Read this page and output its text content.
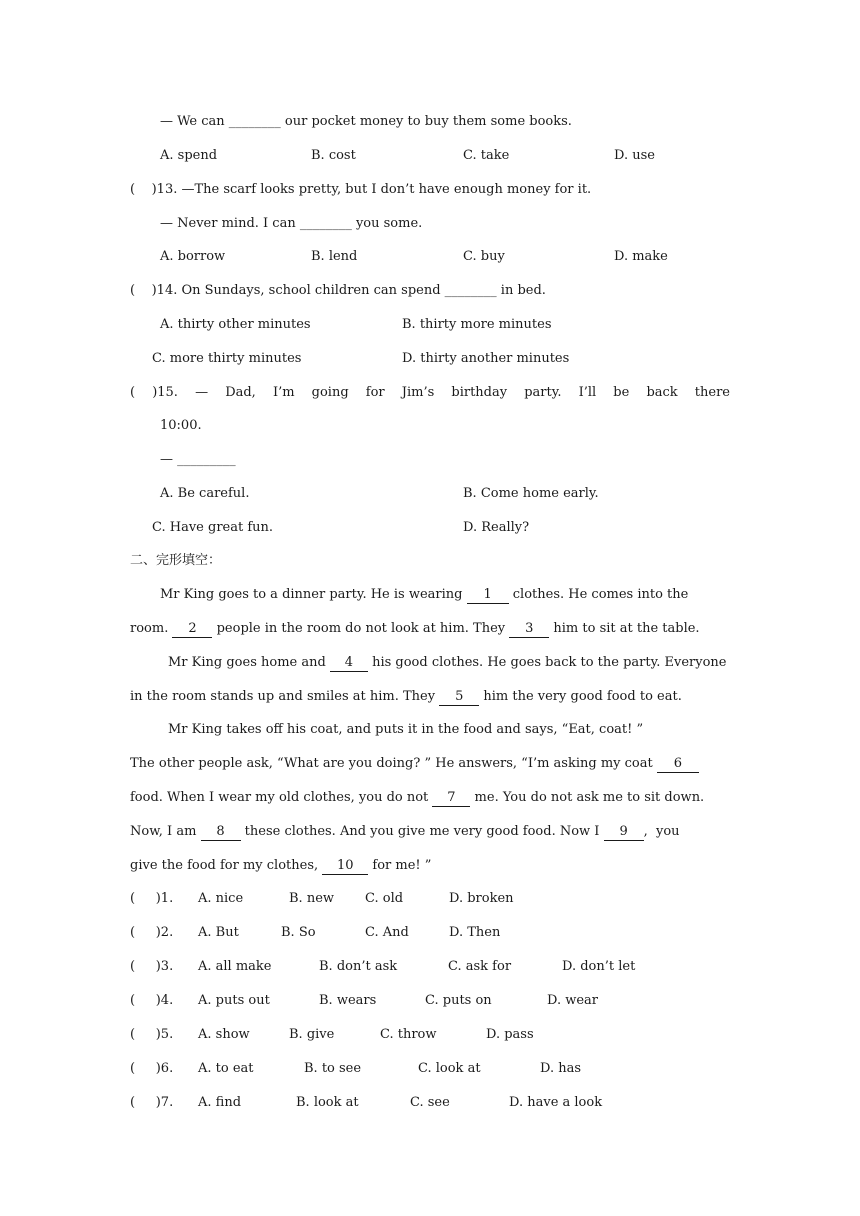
— We can ________ our pocket money to buy them some books.
A. spend	B. cost	C. take	D. use
(    )13. —The scarf looks pretty, but I don’t have enough money for it.
— Never mind. I can ________ you some.
A. borrow	B. lend	C. buy	D. make
(    )14. On Sundays, school children can spend ________ in bed.
A. thirty other minutes	B. thirty more minutes
C. more thirty minutes	D. thirty another minutes
( )15. — Dad, I’m going for Jim’s birthday party. I’ll be back there
10:00.
— _________
A. Be careful.	B. Come home early.
C. Have great fun.	D. Really?
二、完形填空：
Mr King goes to a dinner party. He is wearing 1 clothes. He comes into the
room. 2 people in the room do not look at him. They 3 him to sit at the table.
Mr King goes home and 4 his good clothes. He goes back to the party. Everyone
in the room stands up and smiles at him. They 5 him the very good food to eat.
Mr King takes off his coat, and puts it in the food and says, “Eat, coat! ”
The other people ask, “What are you doing? ” He answers, “I’m asking my coat 6
food. When I wear my old clothes, you do not 7 me. You do not ask me to sit down.
Now, I am 8 these clothes. And you give me very good food. Now I 9 ,  you
give the food for my clothes, 10 for me! ”
(     )1. A. nice	B. new C. old	D. broken
(     )2. A. But	B. So	C. And	D. Then
(     )3. A. all make	B. don’t ask	C. ask for	D. don’t let
(     )4. A. puts out	B. wears	C. puts on	D. wear
(     )5. A. show	B. give	C. throw	D. pass
(     )6. A. to eat	B. to see	C. look at	D. has
(     )7. A. find	B. look at	C. see	D. have a look
